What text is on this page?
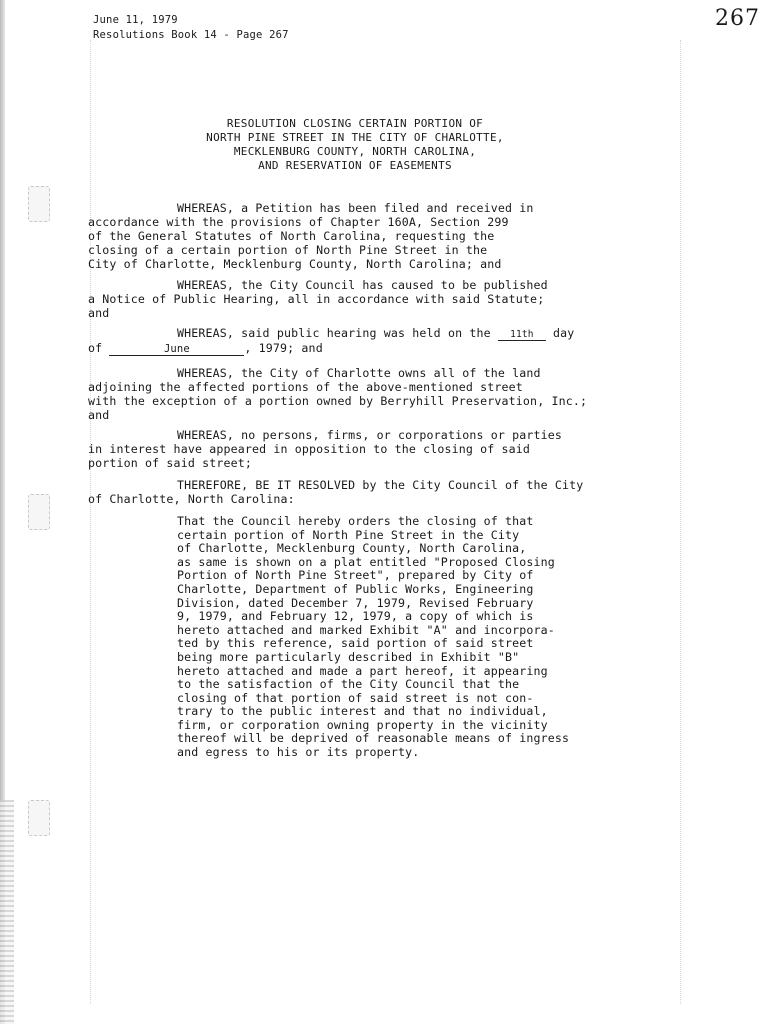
June 11, 1979
Resolutions Book 14 - Page 267
267
RESOLUTION CLOSING CERTAIN PORTION OF
NORTH PINE STREET IN THE CITY OF CHARLOTTE,
MECKLENBURG COUNTY, NORTH CAROLINA,
AND RESERVATION OF EASEMENTS
WHEREAS, a Petition has been filed and received in
accordance with the provisions of Chapter 160A, Section 299
of the General Statutes of North Carolina, requesting the
closing of a certain portion of North Pine Street in the
City of Charlotte, Mecklenburg County, North Carolina; and
WHEREAS, the City Council has caused to be published
a Notice of Public Hearing, all in accordance with said Statute;
and
WHEREAS, said public hearing was held on the 11th day
of	June	, 1979; and
WHEREAS, the City of Charlotte owns all of the land
adjoining the affected portions of the above-mentioned street
with the exception of a portion owned by Berryhill Preservation, Inc.;
and
WHEREAS, no persons, firms, or corporations or parties
in interest have appeared in opposition to the closing of said
portion of said street;
THEREFORE, BE IT RESOLVED by the City Council of the City
of Charlotte, North Carolina:
That the Council hereby orders the closing of that
certain portion of North Pine Street in the City
of Charlotte, Mecklenburg County, North Carolina,
as same is shown on a plat entitled "Proposed Closing
Portion of North Pine Street", prepared by City of
Charlotte, Department of Public Works, Engineering
Division, dated December 7, 1979, Revised February
9, 1979, and February 12, 1979, a copy of which is
hereto attached and marked Exhibit "A" and incorpora-
ted by this reference, said portion of said street
being more particularly described in Exhibit "B"
hereto attached and made a part hereof, it appearing
to the satisfaction of the City Council that the
closing of that portion of said street is not con-
trary to the public interest and that no individual,
firm, or corporation owning property in the vicinity
thereof will be deprived of reasonable means of ingress
and egress to his or its property.
